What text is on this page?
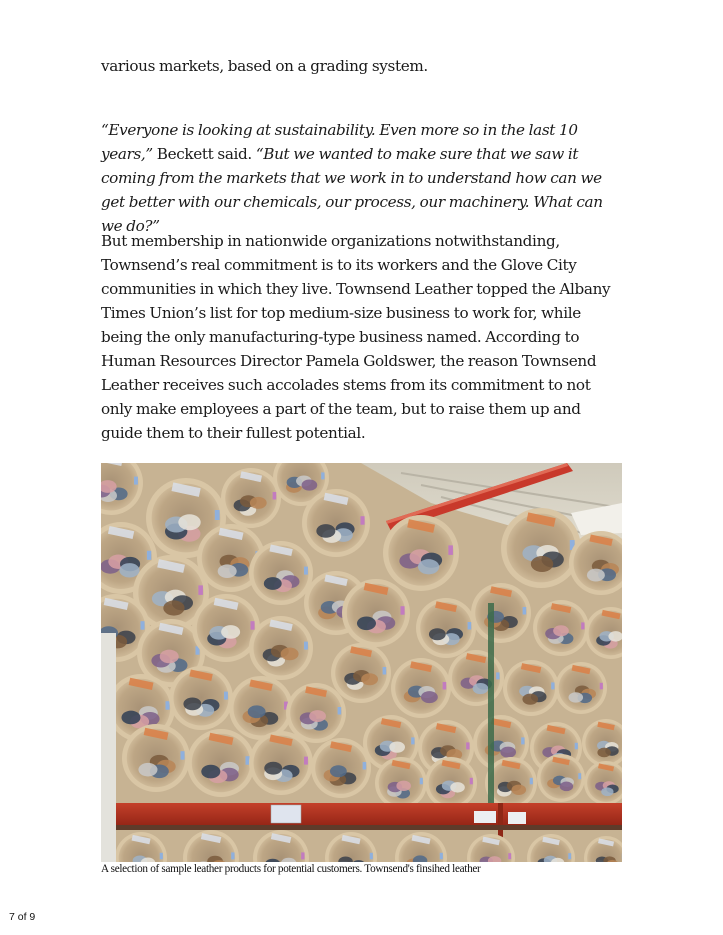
various markets, based on a grading system.
“Everyone is looking at sustainability. Even more so in the last 10
years,” Beckett said. “But we wanted to make sure that we saw it
coming from the markets that we work in to understand how can we
get better with our chemicals, our process, our machinery. What can
we do?”
But membership in nationwide organizations notwithstanding,
Townsend’s real commitment is to its workers and the Glove City
communities in which they live. Townsend Leather topped the Albany
Times Union’s list for top medium-size business to work for, while
being the only manufacturing-type business named. According to
Human Resources Director Pamela Goldswer, the reason Townsend
Leather receives such accolades stems from its commitment to not
only make employees a part of the team, but to raise them up and
guide them to their fullest potential.
A selection of sample leather products for potential customers. Townsend's finsihed leather
7 of 9
